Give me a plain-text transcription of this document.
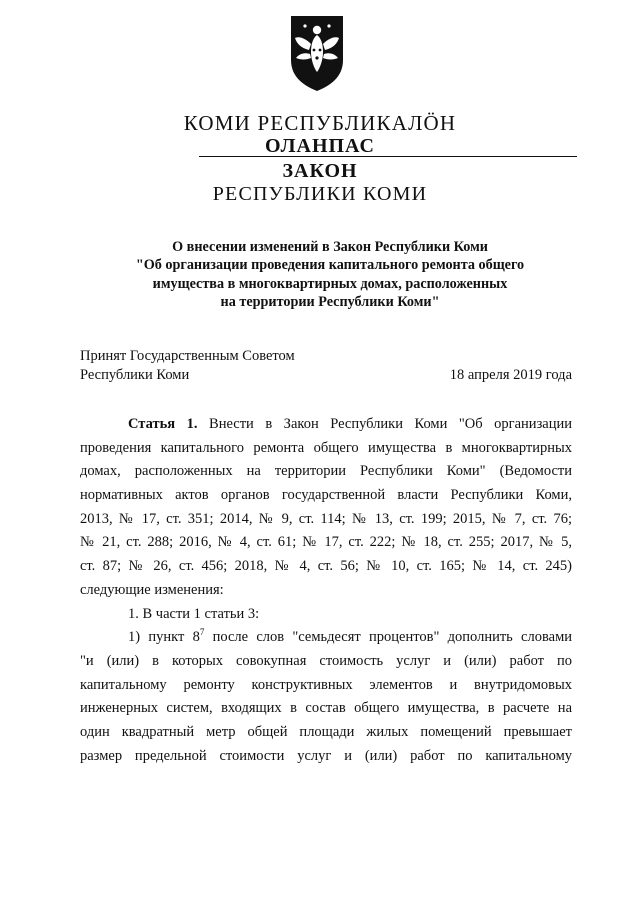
КОМИ РЕСПУБЛИКАЛÖН
ОЛАНПАС
ЗАКОН
РЕСПУБЛИКИ КОМИ
О внесении изменений в Закон Республики Коми
"Об организации проведения капитального ремонта общего
имущества в многоквартирных домах, расположенных
на территории Республики Коми"
Принят Государственным Советом
Республики Коми	18 апреля 2019 года
Статья 1. Внести в Закон Республики Коми "Об организации
проведения капитального ремонта общего имущества в многоквартирных
домах, расположенных на территории Республики Коми" (Ведомости
нормативных актов органов государственной власти Республики Коми,
2013, № 17, ст. 351; 2014, № 9, ст. 114; № 13, ст. 199; 2015, № 7, ст. 76;
№ 21, ст. 288; 2016, № 4, ст. 61; № 17, ст. 222; № 18, ст. 255; 2017, № 5,
ст. 87; № 26, ст. 456; 2018, № 4, ст. 56; № 10, ст. 165; № 14, ст. 245)
следующие изменения:
1. В части 1 статьи 3:
1) пункт $8^7$ после слов "семьдесят процентов" дополнить словами
"и (или) в которых совокупная стоимость услуг и (или) работ по
капитальному ремонту конструктивных элементов и внутридомовых
инженерных систем, входящих в состав общего имущества, в расчете на
один квадратный метр общей площади жилых помещений превышает
размер предельной стоимости услуг и (или) работ по капитальному
